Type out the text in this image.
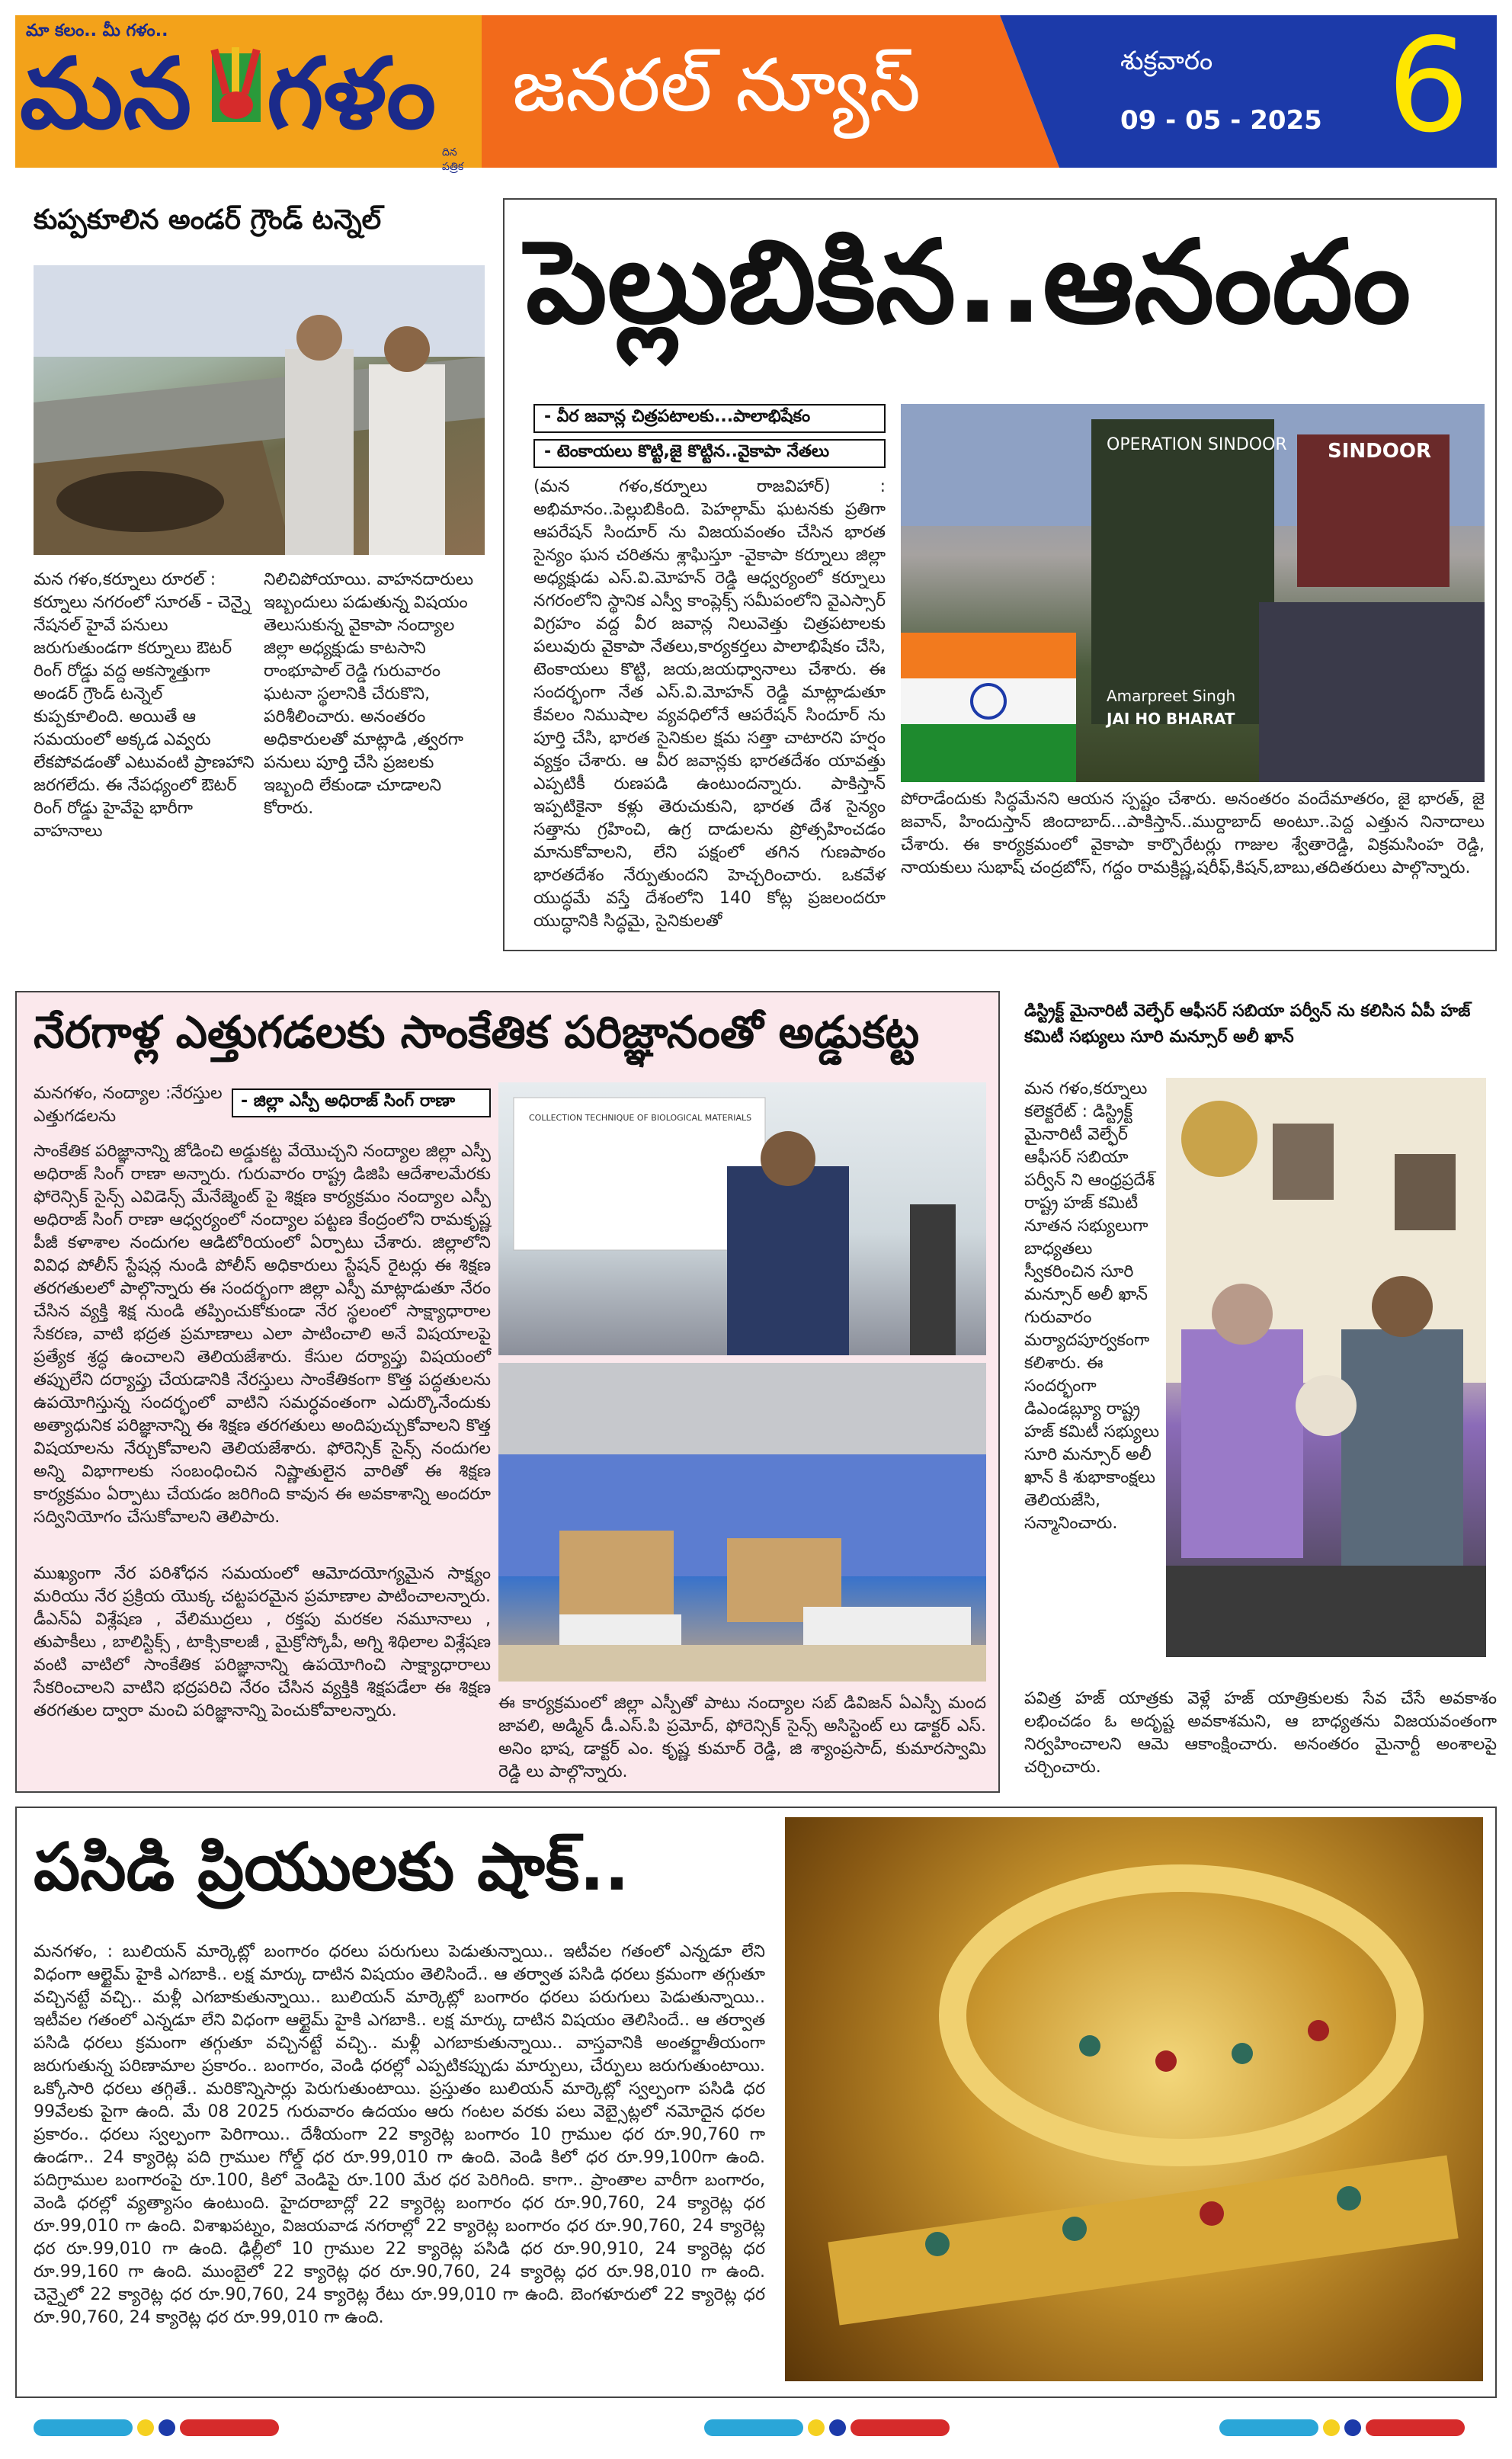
మా కలం.. మీ గళం..
మన గళం
దిన పత్రిక
జనరల్ న్యూస్	శుక్రవారం
09 - 05 - 2025 6
కుప్పకూలిన అండర్ గ్రౌండ్ టన్నెల్
మన గళం,కర్నూలు రూరల్ : కర్నూలు నగరంలో సూరత్ - చెన్నై నేషనల్ హైవే పనులు జరుగుతుండగా కర్నూలు ఔటర్ రింగ్ రోడ్డు వద్ద అకస్మాత్తుగా అండర్ గ్రౌండ్ టన్నెల్ కుప్పకూలింది. అయితే ఆ సమయంలో అక్కడ ఎవ్వరు లేకపోవడంతో ఎటువంటి ప్రాణహాని జరగలేదు. ఈ నేపధ్యంలో ఔటర్ రింగ్ రోడ్డు హైవేపై భారీగా వాహనాలు
నిలిచిపోయాయి. వాహనదారులు ఇబ్బందులు పడుతున్న విషయం తెలుసుకున్న వైకాపా నంద్యాల జిల్లా అధ్యక్షుడు కాటసాని రాంభూపాల్ రెడ్డి గురువారం ఘటనా స్థలానికి చేరుకొని, పరిశీలించారు. అనంతరం అధికారులతో మాట్లాడి ,త్వరగా పనులు పూర్తి చేసి ప్రజలకు ఇబ్బంది లేకుండా చూడాలని కోరారు.
పెల్లుబికిన..ఆనందం
- వీర జవాన్ల చిత్రపటాలకు...పాలాభిషేకం
- టెంకాయలు కొట్టి,జై కొట్టిన..వైకాపా నేతలు
(మన గళం,కర్నూలు రాజవిహార్) : అభిమానం..పెల్లుబికింది. పెహల్గామ్ ఘటనకు ప్రతిగా ఆపరేషన్ సిందూర్ ను విజయవంతం చేసిన భారత సైన్యం ఘన చరితను శ్లాఘిస్తూ -వైకాపా కర్నూలు జిల్లా అధ్యక్షుడు ఎస్.వి.మోహన్ రెడ్డి ఆధ్వర్యంలో కర్నూలు నగరంలోని స్థానిక ఎస్వీ కాంప్లెక్స్ సమీపంలోని వైఎస్సార్ విగ్రహం వద్ద వీర జవాన్ల నిలువెత్తు చిత్రపటాలకు పలువురు వైకాపా నేతలు,కార్యకర్తలు పాలాభిషేకం చేసి, టెంకాయలు కొట్టి, జయ,జయధ్వానాలు చేశారు. ఈ సందర్భంగా నేత ఎస్.వి.మోహన్ రెడ్డి మాట్లాడుతూ కేవలం నిముషాల వ్యవధిలోనే ఆపరేషన్ సిందూర్ ను పూర్తి చేసి, భారత సైనికుల క్షమ సత్తా చాటారని హర్షం వ్యక్తం చేశారు. ఆ వీర జవాన్లకు భారతదేశం యావత్తు ఎప్పటికీ రుణపడి ఉంటుందన్నారు. పాకిస్తాన్ ఇప్పటికైనా కళ్లు తెరుచుకుని, భారత దేశ సైన్యం సత్తాను గ్రహించి, ఉగ్ర దాడులను ప్రోత్సహించడం మానుకోవాలని, లేని పక్షంలో తగిన గుణపాఠం భారతదేశం నేర్పుతుందని హెచ్చరించారు. ఒకవేళ యుద్ధమే వస్తే దేశంలోని 140 కోట్ల ప్రజలందరూ యుద్ధానికి సిద్ధమై, సైనికులతో
OPERATION SINDOOR SINDOOR
Amarpreet Singh
JAI HO BHARAT
పోరాడేందుకు సిద్ధమేనని ఆయన స్పష్టం చేశారు. అనంతరం వందేమాతరం, జై భారత్, జై జవాన్, హిందుస్తాన్ జిందాబాద్...పాకిస్తాన్..ముర్దాబాద్ అంటూ..పెద్ద ఎత్తున నినాదాలు చేశారు. ఈ కార్యక్రమంలో వైకాపా కార్పొరేటర్లు గాజుల శ్వేతారెడ్డి, విక్రమసింహ రెడ్డి, నాయకులు సుభాష్ చంద్రబోస్, గద్దం రామక్రిష్ణ,షరీఫ్,కిషన్,బాబు,తదితరులు పాల్గొన్నారు.
నేరగాళ్ల ఎత్తుగడలకు సాంకేతిక పరిజ్ఞానంతో అడ్డుకట్ట
మనగళం, నంద్యాల :నేరస్తుల ఎత్తుగడలను
- జిల్లా ఎస్పీ అధిరాజ్ సింగ్ రాణా
సాంకేతిక పరిజ్ఞానాన్ని జోడించి అడ్డుకట్ట వేయొచ్చని నంద్యాల జిల్లా ఎస్పీ అధిరాజ్ సింగ్ రాణా అన్నారు. గురువారం రాష్ట్ర డిజిపి ఆదేశాలమేరకు ఫోరెన్సిక్ సైన్స్ ఎవిడెన్స్ మేనేజ్మెంట్ పై శిక్షణ కార్యక్రమం నంద్యాల ఎస్పీ అధిరాజ్ సింగ్ రాణా ఆధ్వర్యంలో నంద్యాల పట్టణ కేంద్రంలోని రామకృష్ణ పీజీ కళాశాల నందుగల ఆడిటోరియంలో ఏర్పాటు చేశారు. జిల్లాలోని వివిధ పోలీస్ స్టేషన్ల నుండి పోలీస్ అధికారులు స్టేషన్ రైటర్లు ఈ శిక్షణ తరగతులలో పాల్గొన్నారు ఈ సందర్భంగా జిల్లా ఎస్పీ మాట్లాడుతూ నేరం చేసిన వ్యక్తి శిక్ష నుండి తప్పించుకోకుండా నేర స్థలంలో సాక్ష్యాధారాల సేకరణ, వాటి భద్రత ప్రమాణాలు ఎలా పాటించాలి అనే విషయాలపై ప్రత్యేక శ్రద్ధ ఉంచాలని తెలియజేశారు. కేసుల దర్యాప్తు విషయంలో తప్పులేని దర్యాప్తు చేయడానికి నేరస్తులు సాంకేతికంగా కొత్త పద్ధతులను ఉపయోగిస్తున్న సందర్భంలో వాటిని సమర్ధవంతంగా ఎదుర్కొనేందుకు అత్యాధునిక పరిజ్ఞానాన్ని ఈ శిక్షణ తరగతులు అందిపుచ్చుకోవాలని కొత్త విషయాలను నేర్చుకోవాలని తెలియజేశారు. ఫోరెన్సిక్ సైన్స్ నందుగల అన్ని విభాగాలకు సంబంధించిన నిష్ణాతులైన వారితో ఈ శిక్షణ కార్యక్రమం ఏర్పాటు చేయడం జరిగింది కావున ఈ అవకాశాన్ని అందరూ సద్వినియోగం చేసుకోవాలని తెలిపారు.
ముఖ్యంగా నేర పరిశోధన సమయంలో ఆమోదయోగ్యమైన సాక్ష్యం మరియు నేర ప్రక్రియ యొక్క చట్టపరమైన ప్రమాణాల పాటించాలన్నారు. డీఎన్ఏ విశ్లేషణ , వేలిముద్రలు , రక్తపు మరకల నమూనాలు , తుపాకీలు , బాలిస్టిక్స్ , టాక్సికాలజీ , మైక్రోస్కోపీ, అగ్ని శిథిలాల విశ్లేషణ వంటి వాటిలో సాంకేతిక పరిజ్ఞానాన్ని ఉపయోగించి సాక్ష్యాధారాలు సేకరించాలని వాటిని భద్రపరిచి నేరం చేసిన వ్యక్తికి శిక్షపడేలా ఈ శిక్షణ తరగతుల ద్వారా మంచి పరిజ్ఞానాన్ని పెంచుకోవాలన్నారు.
COLLECTION TECHNIQUE OF BIOLOGICAL MATERIALS
ఈ కార్యక్రమంలో జిల్లా ఎస్పీతో పాటు నంద్యాల సబ్ డివిజన్ ఏఎస్పీ మంద జావలి, అడ్మిన్ డీ.ఎస్.పి ప్రమోద్, ఫోరెన్సిక్ సైన్స్ అసిస్టెంట్ లు డాక్టర్ ఎస్. అనిం భాష, డాక్టర్ ఎం. కృష్ణ కుమార్ రెడ్డి, జి శ్యాంప్రసాద్, కుమారస్వామి రెడ్డి లు పాల్గొన్నారు.
డిస్ట్రిక్ట్ మైనారిటీ వెల్ఫేర్ ఆఫీసర్ సబియా పర్వీన్ ను కలిసిన ఏపీ హజ్ కమిటీ సభ్యులు సూరి మన్సూర్ అలీ ఖాన్
మన గళం,కర్నూలు కలెక్టరేట్ : డిస్ట్రిక్ట్ మైనారిటీ వెల్ఫేర్ ఆఫీసర్ సబియా పర్వీన్ ని ఆంధ్రప్రదేశ్ రాష్ట్ర హజ్ కమిటీ నూతన సభ్యులుగా బాధ్యతలు స్వీకరించిన సూరి మన్సూర్ అలీ ఖాన్ గురువారం మర్యాదపూర్వకంగా కలిశారు. ఈ సందర్భంగా డిఎండబ్ల్యూ రాష్ట్ర హజ్ కమిటీ సభ్యులు సూరి మన్సూర్ అలీ ఖాన్ కి శుభాకాంక్షలు తెలియజేసి, సన్మానించారు.
పవిత్ర హజ్ యాత్రకు వెళ్లే హజ్ యాత్రికులకు సేవ చేసే అవకాశం లభించడం ఓ అదృష్ట అవకాశమని, ఆ బాధ్యతను విజయవంతంగా నిర్వహించాలని ఆమె ఆకాంక్షించారు. అనంతరం మైనార్టీ అంశాలపై చర్చించారు.
పసిడి ప్రియులకు షాక్..
మనగళం, : బులియన్ మార్కెట్లో బంగారం ధరలు పరుగులు పెడుతున్నాయి.. ఇటీవల గతంలో ఎన్నడూ లేని విధంగా ఆల్టైమ్ హైకి ఎగబాకి.. లక్ష మార్కు దాటిన విషయం తెలిసిందే.. ఆ తర్వాత పసిడి ధరలు క్రమంగా తగ్గుతూ వచ్చినట్టే వచ్చి.. మళ్లీ ఎగబాకుతున్నాయి.. బులియన్ మార్కెట్లో బంగారం ధరలు పరుగులు పెడుతున్నాయి.. ఇటీవల గతంలో ఎన్నడూ లేని విధంగా ఆల్టైమ్ హైకి ఎగబాకి.. లక్ష మార్కు దాటిన విషయం తెలిసిందే.. ఆ తర్వాత పసిడి ధరలు క్రమంగా తగ్గుతూ వచ్చినట్టే వచ్చి.. మళ్లీ ఎగబాకుతున్నాయి.. వాస్తవానికి అంతర్జాతీయంగా జరుగుతున్న పరిణామాల ప్రకారం.. బంగారం, వెండి ధరల్లో ఎప్పటికప్పుడు మార్పులు, చేర్పులు జరుగుతుంటాయి. ఒక్కోసారి ధరలు తగ్గితే.. మరికొన్నిసార్లు పెరుగుతుంటాయి. ప్రస్తుతం బులియన్ మార్కెట్లో స్వల్పంగా పసిడి ధర 99వేలకు పైగా ఉంది. మే 08 2025 గురువారం ఉదయం ఆరు గంటల వరకు పలు వెబ్సైట్లలో నమోదైన ధరల ప్రకారం.. ధరలు స్వల్పంగా పెరిగాయి.. దేశీయంగా 22 క్యారెట్ల బంగారం 10 గ్రాముల ధర రూ.90,760 గా ఉండగా.. 24 క్యారెట్ల పది గ్రాముల గోల్డ్ ధర రూ.99,010 గా ఉంది. వెండి కిలో ధర రూ.99,100గా ఉంది. పదిగ్రాముల బంగారంపై రూ.100, కిలో వెండిపై రూ.100 మేర ధర పెరిగింది. కాగా.. ప్రాంతాల వారీగా బంగారం, వెండి ధరల్లో వ్యత్యాసం ఉంటుంది. హైదరాబాద్లో 22 క్యారెట్ల బంగారం ధర రూ.90,760, 24 క్యారెట్ల ధర రూ.99,010 గా ఉంది. విశాఖపట్నం, విజయవాడ నగరాల్లో 22 క్యారెట్ల బంగారం ధర రూ.90,760, 24 క్యారెట్ల ధర రూ.99,010 గా ఉంది. ఢిల్లీలో 10 గ్రాముల 22 క్యారెట్ల పసిడి ధర రూ.90,910, 24 క్యారెట్ల ధర రూ.99,160 గా ఉంది. ముంబైలో 22 క్యారెట్ల ధర రూ.90,760, 24 క్యారెట్ల ధర రూ.98,010 గా ఉంది. చెన్నైలో 22 క్యారెట్ల ధర రూ.90,760, 24 క్యారెట్ల రేటు రూ.99,010 గా ఉంది. బెంగళూరులో 22 క్యారెట్ల ధర రూ.90,760, 24 క్యారెట్ల ధర రూ.99,010 గా ఉంది.
